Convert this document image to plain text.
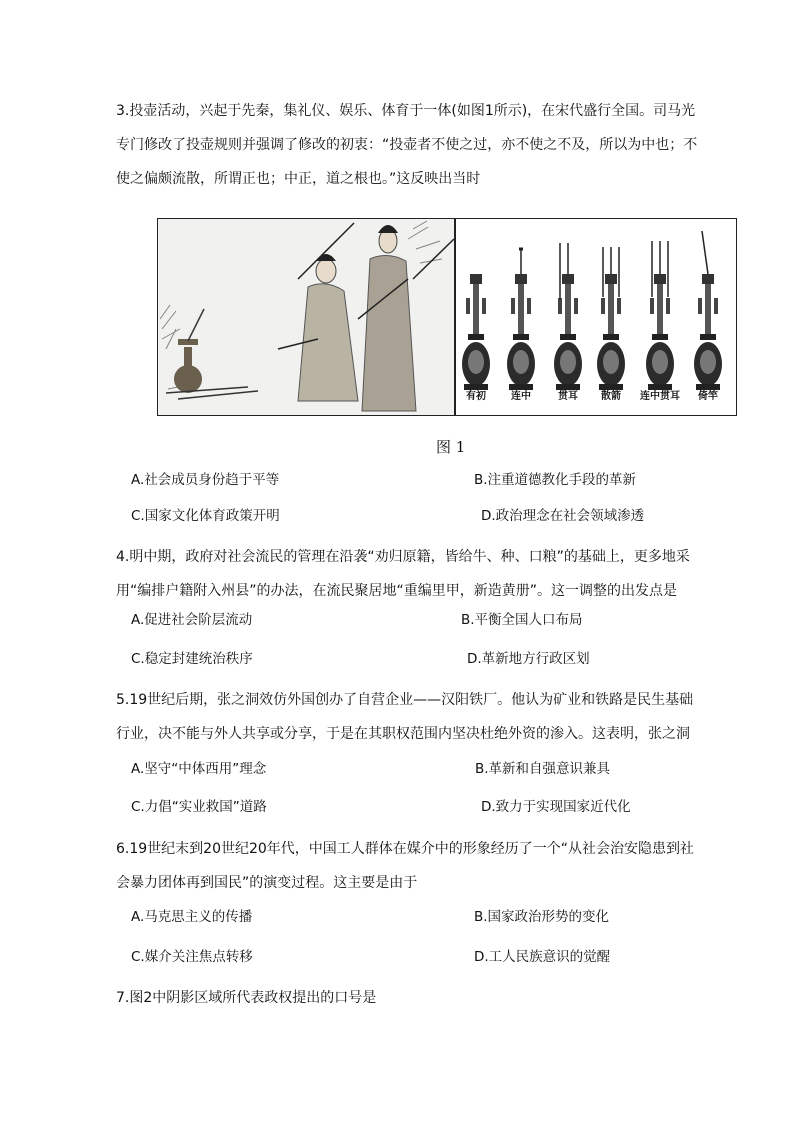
3.投壶活动，兴起于先秦，集礼仪、娱乐、体育于一体(如图1所示)，在宋代盛行全国。司马光专门修改了投壶规则并强调了修改的初衷：“投壶者不使之过，亦不使之不及，所以为中也；不使之偏颇流散，所谓正也；中正，道之根也。”这反映出当时

有初	连中	贯耳 散箭 连中贯耳 倚竿
图 1
A.社会成员身份趋于平等	B.注重道德教化手段的革新
C.国家文化体育政策开明	D.政治理念在社会领域渗透

4.明中期，政府对社会流民的管理在沿袭“劝归原籍，皆给牛、种、口粮”的基础上，更多地采用“编排户籍附入州县”的办法，在流民聚居地“重编里甲，新造黄册”。这一调整的出发点是

A.促进社会阶层流动	B.平衡全国人口布局
C.稳定封建统治秩序	D.革新地方行政区划

5.19世纪后期，张之洞效仿外国创办了自营企业——汉阳铁厂。他认为矿业和铁路是民生基础行业，决不能与外人共享或分享，于是在其职权范围内坚决杜绝外资的渗入。这表明，张之洞

A.坚守“中体西用”理念	B.革新和自强意识兼具
C.力倡“实业救国”道路	D.致力于实现国家近代化

6.19世纪末到20世纪20年代，中国工人群体在媒介中的形象经历了一个“从社会治安隐患到社会暴力团体再到国民”的演变过程。这主要是由于

A.马克思主义的传播	B.国家政治形势的变化
C.媒介关注焦点转移	D.工人民族意识的觉醒

7.图2中阴影区域所代表政权提出的口号是
